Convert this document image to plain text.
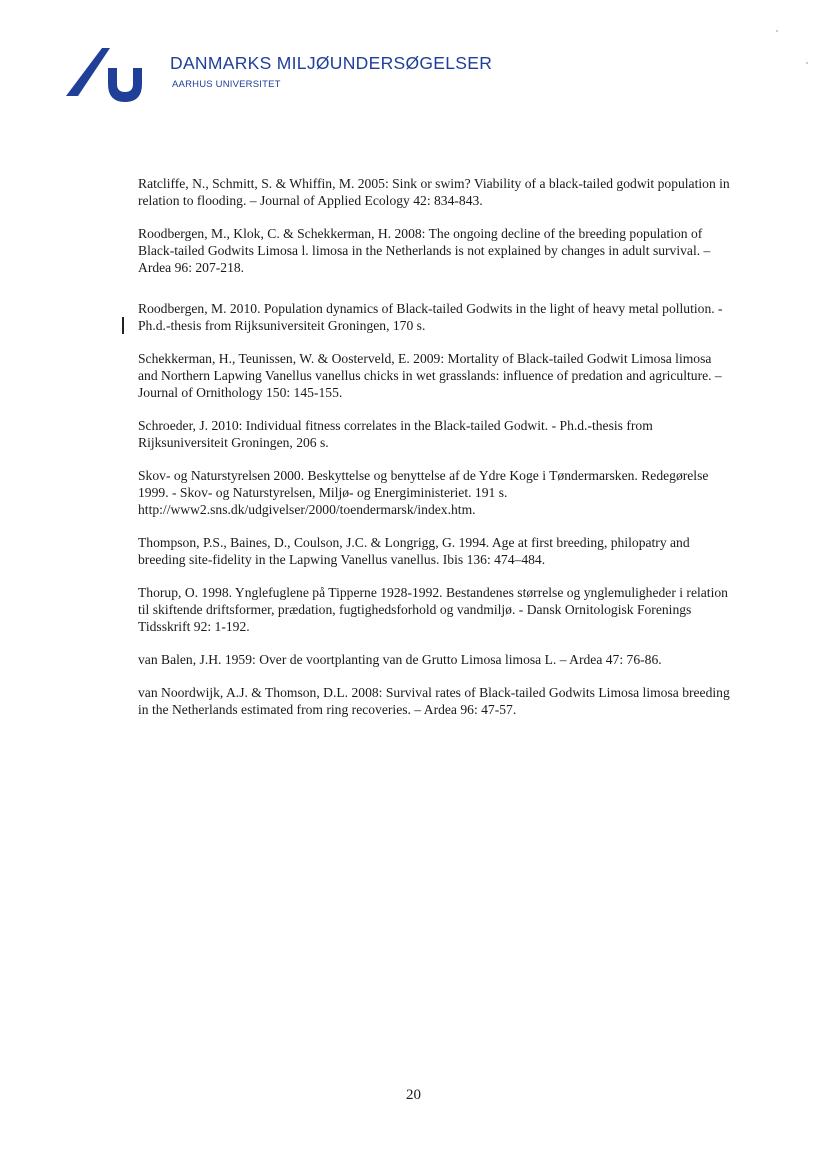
DANMARKS MILJØUNDERSØGELSER
AARHUS UNIVERSITET

Ratcliffe, N., Schmitt, S. & Whiffin, M. 2005: Sink or swim? Viability of a black-tailed godwit population in relation to flooding. – Journal of Applied Ecology 42: 834-843.

Roodbergen, M., Klok, C. & Schekkerman, H. 2008: The ongoing decline of the breeding population of Black-tailed Godwits Limosa l. limosa in the Netherlands is not explained by changes in adult survival. – Ardea 96: 207-218.

Roodbergen, M. 2010. Population dynamics of Black-tailed Godwits in the light of heavy metal pollution. - Ph.d.-thesis from Rijksuniversiteit Groningen, 170 s.

Schekkerman, H., Teunissen, W. & Oosterveld, E. 2009: Mortality of Black-tailed Godwit Limosa limosa and Northern Lapwing Vanellus vanellus chicks in wet grasslands: influence of predation and agriculture. – Journal of Ornithology 150: 145-155.

Schroeder, J. 2010: Individual fitness correlates in the Black-tailed Godwit. - Ph.d.-thesis from Rijksuniversiteit Groningen, 206 s.

Skov- og Naturstyrelsen 2000. Beskyttelse og benyttelse af de Ydre Koge i Tøndermarsken. Redegørelse 1999. - Skov- og Naturstyrelsen, Miljø- og Energiministeriet. 191 s. http://www2.sns.dk/udgivelser/2000/toendermarsk/index.htm.

Thompson, P.S., Baines, D., Coulson, J.C. & Longrigg, G. 1994. Age at first breeding, philopatry and breeding site-fidelity in the Lapwing Vanellus vanellus. Ibis 136: 474–484.

Thorup, O. 1998. Ynglefuglene på Tipperne 1928-1992. Bestandenes størrelse og ynglemuligheder i relation til skiftende driftsformer, prædation, fugtighedsforhold og vandmiljø. - Dansk Ornitologisk Forenings Tidsskrift 92: 1-192.

van Balen, J.H. 1959: Over de voortplanting van de Grutto Limosa limosa L. – Ardea 47: 76-86.

van Noordwijk, A.J. & Thomson, D.L. 2008: Survival rates of Black-tailed Godwits Limosa limosa breeding in the Netherlands estimated from ring recoveries. – Ardea 96: 47-57.

20
